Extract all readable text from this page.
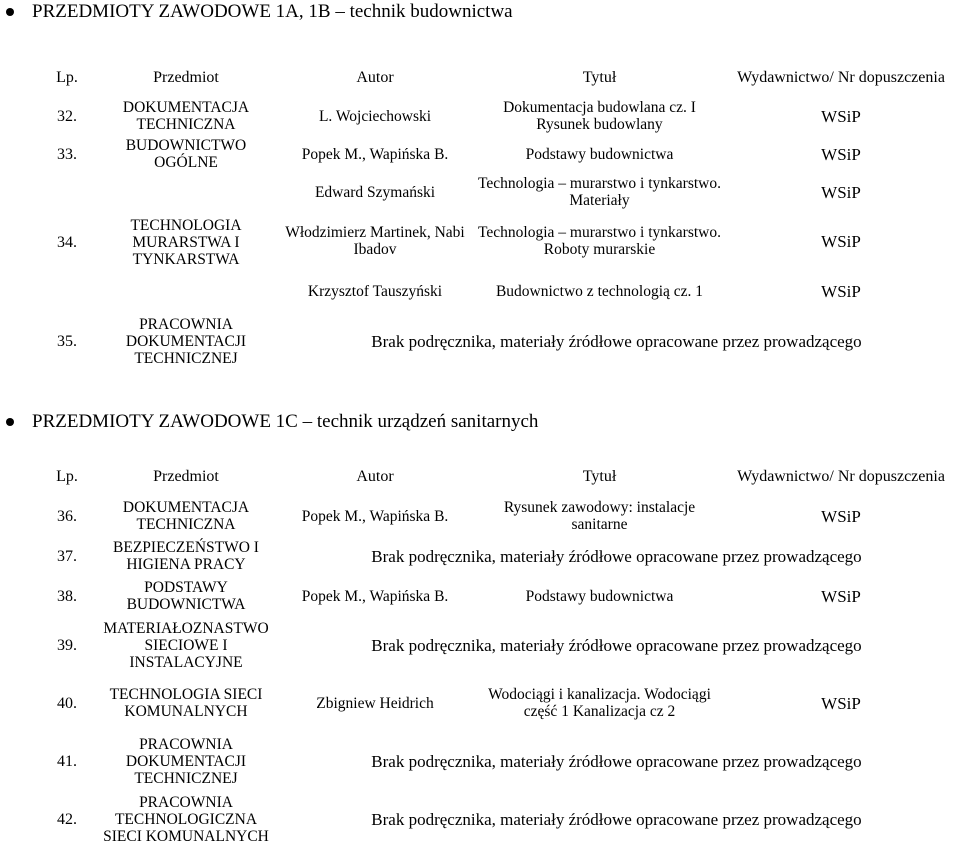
PRZEDMIOTY ZAWODOWE 1A, 1B – technik budownictwa
Lp.	Przedmiot	Autor	Tytuł	Wydawnictwo/ Nr dopuszczenia
32.	DOKUMENTACJA TECHNICZNA	L. Wojciechowski	Dokumentacja budowlana cz. I Rysunek budowlany	WSiP
33.	BUDOWNICTWO OGÓLNE	Popek M., Wapińska B.	Podstawy budownictwa	WSiP
34.	TECHNOLOGIA MURARSTWA I TYNKARSTWA	Edward Szymański	Technologia – murarstwo i tynkarstwo. Materiały	WSiP
		Włodzimierz Martinek, Nabi Ibadov	Technologia – murarstwo i tynkarstwo. Roboty murarskie	WSiP
		Krzysztof Tauszyński	Budownictwo z technologią cz. 1	WSiP
35.	PRACOWNIA DOKUMENTACJI TECHNICZNEJ	Brak podręcznika, materiały źródłowe opracowane przez prowadzącego		
PRZEDMIOTY ZAWODOWE 1C – technik urządzeń sanitarnych
Lp.	Przedmiot	Autor	Tytuł	Wydawnictwo/ Nr dopuszczenia
36.	DOKUMENTACJA TECHNICZNA	Popek M., Wapińska B.	Rysunek zawodowy: instalacje sanitarne	WSiP
37.	BEZPIECZEŃSTWO I HIGIENA PRACY	Brak podręcznika, materiały źródłowe opracowane przez prowadzącego		
38.	PODSTAWY BUDOWNICTWA	Popek M., Wapińska B.	Podstawy budownictwa	WSiP
39.	MATERIAŁOZNASTWO SIECIOWE I INSTALACYJNE	Brak podręcznika, materiały źródłowe opracowane przez prowadzącego		
40.	TECHNOLOGIA SIECI KOMUNALNYCH	Zbigniew Heidrich	Wodociągi i kanalizacja. Wodociągi część 1 Kanalizacja cz 2	WSiP
41.	PRACOWNIA DOKUMENTACJI TECHNICZNEJ	Brak podręcznika, materiały źródłowe opracowane przez prowadzącego		
42.	PRACOWNIA TECHNOLOGICZNA SIECI KOMUNALNYCH	Brak podręcznika, materiały źródłowe opracowane przez prowadzącego		
